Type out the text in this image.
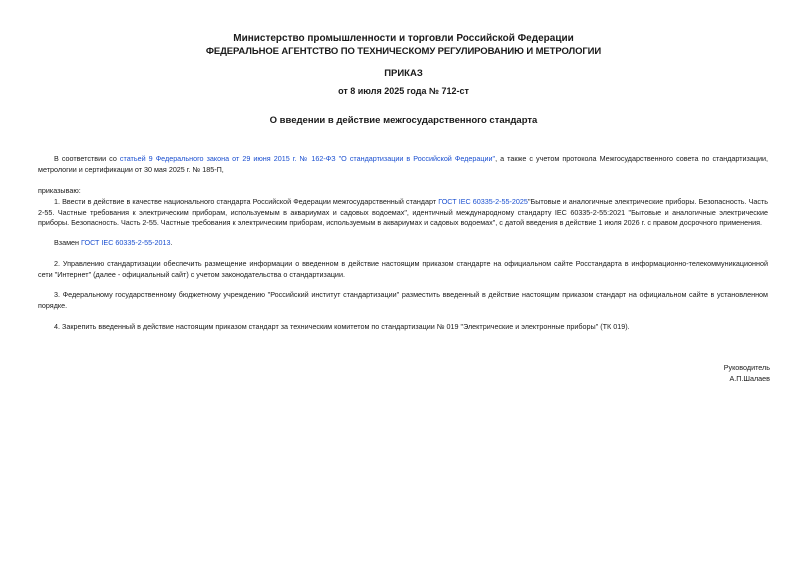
Министерство промышленности и торговли Российской Федерации
ФЕДЕРАЛЬНОЕ АГЕНТСТВО ПО ТЕХНИЧЕСКОМУ РЕГУЛИРОВАНИЮ И МЕТРОЛОГИИ
ПРИКАЗ
от 8 июля 2025 года № 712-ст
О введении в действие межгосударственного стандарта

В соответствии со статьей 9 Федерального закона от 29 июня 2015 г. № 162-ФЗ "О стандартизации в Российской Федерации", а также с учетом протокола Межгосударственного совета по стандартизации, метрологии и сертификации от 30 мая 2025 г. № 185-П,

приказываю:

1. Ввести в действие в качестве национального стандарта Российской Федерации межгосударственный стандарт ГОСТ IEC 60335-2-55-2025"Бытовые и аналогичные электрические приборы. Безопасность. Часть 2-55. Частные требования к электрическим приборам, используемым в аквариумах и садовых водоемах", идентичный международному стандарту IEC 60335-2-55:2021 "Бытовые и аналогичные электрические приборы. Безопасность. Часть 2-55. Частные требования к электрическим приборам, используемым в аквариумах и садовых водоемах", с датой введения в действие 1 июля 2026 г. с правом досрочного применения.

Взамен ГОСТ IEC 60335-2-55-2013.

2. Управлению стандартизации обеспечить размещение информации о введенном в действие настоящим приказом стандарте на официальном сайте Росстандарта в информационно-телекоммуникационной сети "Интернет" (далее - официальный сайт) с учетом законодательства о стандартизации.

3. Федеральному государственному бюджетному учреждению "Российский институт стандартизации" разместить введенный в действие настоящим приказом стандарт на официальном сайте в установленном порядке.

4. Закрепить введенный в действие настоящим приказом стандарт за техническим комитетом по стандартизации № 019 "Электрические и электронные приборы" (ТК 019).

Руководитель
А.П.Шалаев
